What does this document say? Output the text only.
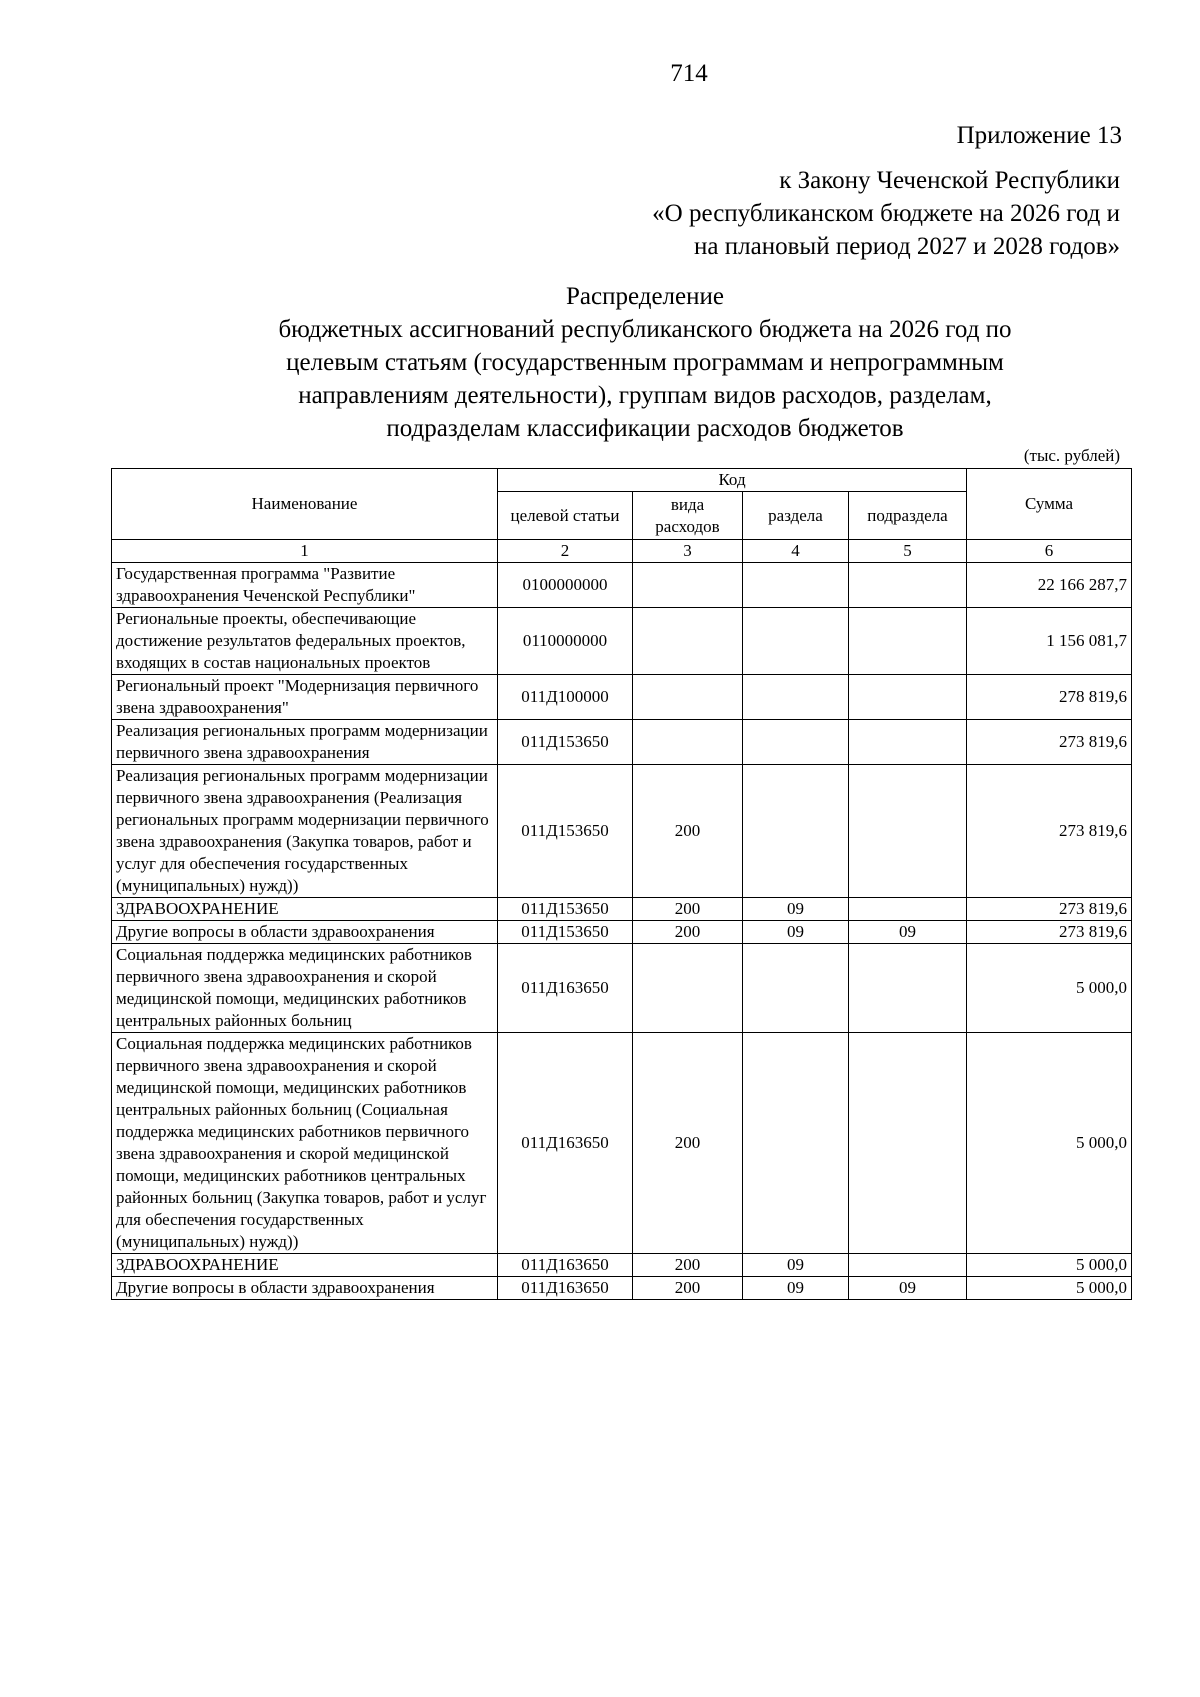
714
Приложение 13
к Закону Чеченской Республики
«О республиканском бюджете на 2026 год и
на плановый период 2027 и 2028 годов»
Распределение
бюджетных ассигнований республиканского бюджета на 2026 год по
целевым статьям (государственным программам и непрограммным
направлениям деятельности), группам видов расходов, разделам,
подразделам классификации расходов бюджетов
(тыс. рублей)
Наименование	Код				Сумма
	целевой статьи	вида расходов	раздела	подраздела	
1	2	3	4	5	6
Государственная программа "Развитие здравоохранения Чеченской Республики"	0100000000				22 166 287,7
Региональные проекты, обеспечивающие достижение результатов федеральных проектов, входящих в состав национальных проектов	0110000000				1 156 081,7
Региональный проект "Модернизация первичного звена здравоохранения"	011Д100000				278 819,6
Реализация региональных программ модернизации первичного звена здравоохранения	011Д153650				273 819,6
Реализация региональных программ модернизации первичного звена здравоохранения (Реализация региональных программ модернизации первичного звена здравоохранения (Закупка товаров, работ и услуг для обеспечения государственных (муниципальных) нужд))	011Д153650	200			273 819,6
ЗДРАВООХРАНЕНИЕ	011Д153650	200	09		273 819,6
Другие вопросы в области здравоохранения	011Д153650	200	09	09	273 819,6
Социальная поддержка медицинских работников первичного звена здравоохранения и скорой медицинской помощи, медицинских работников центральных районных больниц	011Д163650				5 000,0
Социальная поддержка медицинских работников первичного звена здравоохранения и скорой медицинской помощи, медицинских работников центральных районных больниц (Социальная поддержка медицинских работников первичного звена здравоохранения и скорой медицинской помощи, медицинских работников центральных районных больниц (Закупка товаров, работ и услуг для обеспечения государственных (муниципальных) нужд))	011Д163650	200			5 000,0
ЗДРАВООХРАНЕНИЕ	011Д163650	200	09		5 000,0
Другие вопросы в области здравоохранения	011Д163650	200	09	09	5 000,0
